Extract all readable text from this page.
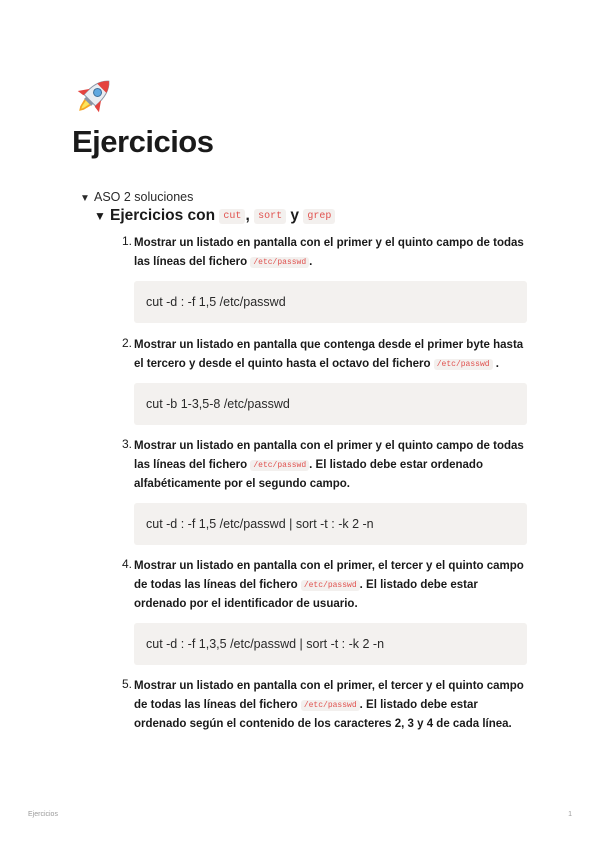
Ejercicios
▼ ASO 2 soluciones
▼ Ejercicios con cut , sort y grep
1. Mostrar un listado en pantalla con el primer y el quinto campo de todas las líneas del fichero /etc/passwd .
cut -d : -f 1,5 /etc/passwd
2. Mostrar un listado en pantalla que contenga desde el primer byte hasta el tercero y desde el quinto hasta el octavo del fichero /etc/passwd .
cut -b 1-3,5-8 /etc/passwd
3. Mostrar un listado en pantalla con el primer y el quinto campo de todas las líneas del fichero /etc/passwd . El listado debe estar ordenado alfabéticamente por el segundo campo.
cut -d : -f 1,5 /etc/passwd | sort -t : -k 2 -n
4. Mostrar un listado en pantalla con el primer, el tercer y el quinto campo de todas las líneas del fichero /etc/passwd . El listado debe estar ordenado por el identificador de usuario.
cut -d : -f 1,3,5 /etc/passwd | sort -t : -k 2 -n
5. Mostrar un listado en pantalla con el primer, el tercer y el quinto campo de todas las líneas del fichero /etc/passwd . El listado debe estar ordenado según el contenido de los caracteres 2, 3 y 4 de cada línea.
Ejercicios	1
